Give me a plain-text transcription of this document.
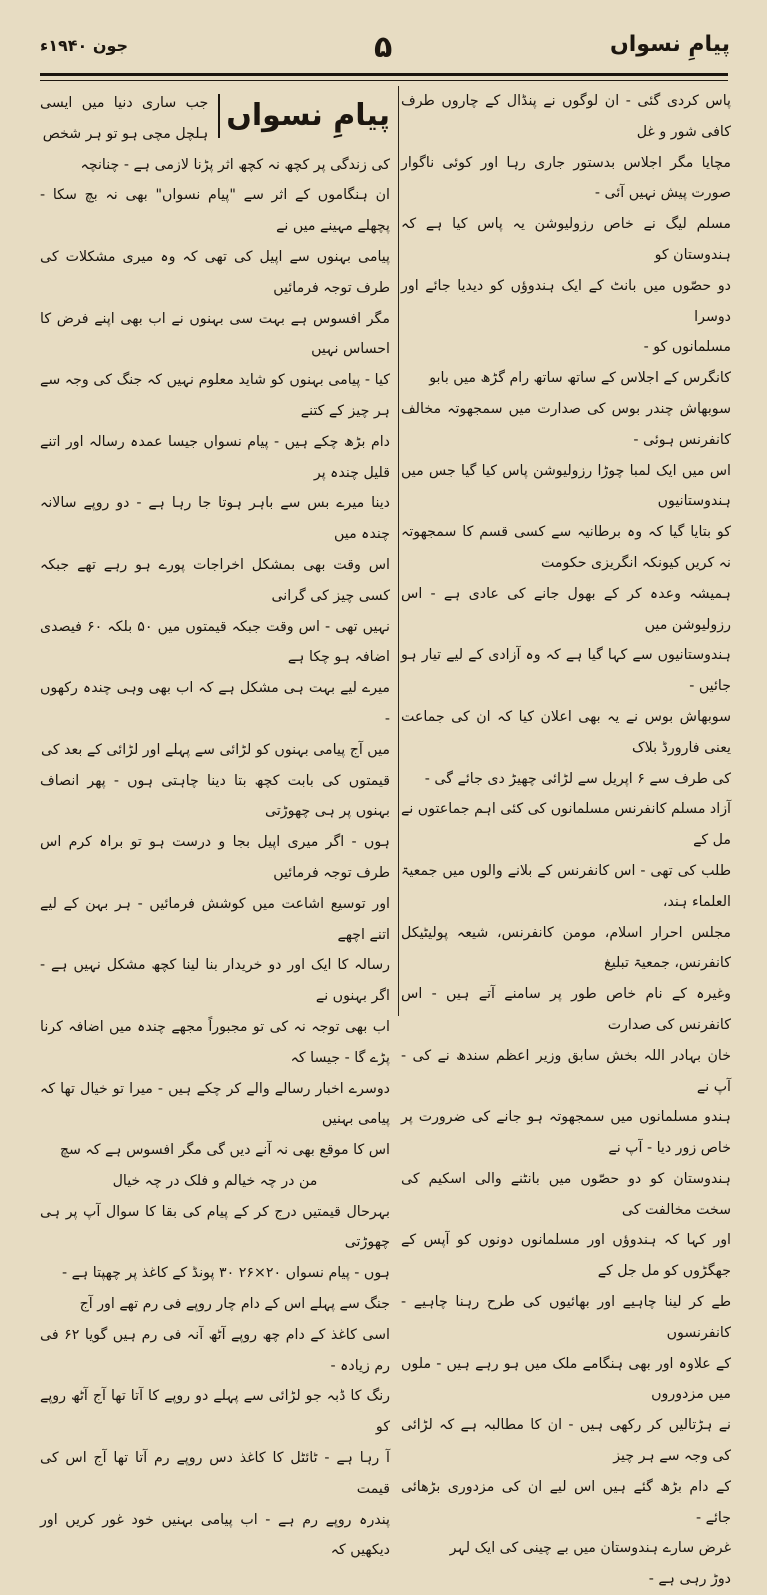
پیامِ نسواں
۵
جون ۱۹۴۰ء

پاس کردی گئی - ان لوگوں نے پنڈال کے چاروں طرف کافی شور و غل

مچایا مگر اجلاس بدستور جاری رہا اور کوئی ناگوار صورت پیش نہیں آئی -

مسلم لیگ نے خاص رزولیوشن یہ پاس کیا ہے کہ ہندوستان کو

دو حصّوں میں بانٹ کے ایک ہندوؤں کو دیدیا جائے اور دوسرا

مسلمانوں کو -

کانگرس کے اجلاس کے ساتھ ساتھ رام گڑھ میں بابو

سوبھاش چندر بوس کی صدارت میں سمجھوتہ مخالف کانفرنس ہوئی -

اس میں ایک لمبا چوڑا رزولیوشن پاس کیا گیا جس میں ہندوستانیوں

کو بتایا گیا کہ وہ برطانیہ سے کسی قسم کا سمجھوتہ نہ کریں کیونکہ انگریزی حکومت

ہمیشہ وعدہ کر کے بھول جانے کی عادی ہے - اس رزولیوشن میں

ہندوستانیوں سے کہا گیا ہے کہ وہ آزادی کے لیے تیار ہو جائیں -

سوبھاش بوس نے یہ بھی اعلان کیا کہ ان کی جماعت یعنی فارورڈ بلاک

کی طرف سے ۶ اپریل سے لڑائی چھیڑ دی جائے گی -

آزاد مسلم کانفرنس مسلمانوں کی کئی اہم جماعتوں نے مل کے

طلب کی تھی - اس کانفرنس کے بلانے والوں میں جمعیۃ العلماء ہند،

مجلس احرار اسلام، مومن کانفرنس، شیعہ پولیٹیکل کانفرنس، جمعیۃ تبلیغ

وغیرہ کے نام خاص طور پر سامنے آتے ہیں - اس کانفرنس کی صدارت

خان بہادر اللہ بخش سابق وزیر اعظم سندھ نے کی - آپ نے

ہندو مسلمانوں میں سمجھوتہ ہو جانے کی ضرورت پر خاص زور دیا - آپ نے

ہندوستان کو دو حصّوں میں بانٹنے والی اسکیم کی سخت مخالفت کی

اور کہا کہ ہندوؤں اور مسلمانوں دونوں کو آپس کے جھگڑوں کو مل جل کے

طے کر لینا چاہیے اور بھائیوں کی طرح رہنا چاہیے - کانفرنسوں

کے علاوہ اور بھی ہنگامے ملک میں ہو رہے ہیں - ملوں میں مزدوروں

نے ہڑتالیں کر رکھی ہیں - ان کا مطالبہ ہے کہ لڑائی کی وجہ سے ہر چیز

کے دام بڑھ گئے ہیں اس لیے ان کی مزدوری بڑھائی جائے -

غرض سارے ہندوستان میں بے چینی کی ایک لہر

دوڑ رہی ہے -

پیامِ نسواں

جب ساری دنیا میں ایسی ہلچل مچی ہو تو ہر شخص

کی زندگی پر کچھ نہ کچھ اثر پڑنا لازمی ہے - چنانچہ

ان ہنگاموں کے اثر سے "پیام نسواں" بھی نہ بچ سکا - پچھلے مہینے میں نے

پیامی بہنوں سے اپیل کی تھی کہ وہ میری مشکلات کی طرف توجہ فرمائیں

مگر افسوس ہے بہت سی بہنوں نے اب بھی اپنے فرض کا احساس نہیں

کیا - پیامی بہنوں کو شاید معلوم نہیں کہ جنگ کی وجہ سے ہر چیز کے کتنے

دام بڑھ چکے ہیں - پیام نسواں جیسا عمدہ رسالہ اور اتنے قلیل چندہ پر

دینا میرے بس سے باہر ہوتا جا رہا ہے - دو روپے سالانہ چندہ میں

اس وقت بھی بمشکل اخراجات پورے ہو رہے تھے جبکہ کسی چیز کی گرانی

نہیں تھی - اس وقت جبکہ قیمتوں میں ۵۰ بلکہ ۶۰ فیصدی اضافہ ہو چکا ہے

میرے لیے بہت ہی مشکل ہے کہ اب بھی وہی چندہ رکھوں -

میں آج پیامی بہنوں کو لڑائی سے پہلے اور لڑائی کے بعد کی

قیمتوں کی بابت کچھ بتا دینا چاہتی ہوں - پھر انصاف بہنوں پر ہی چھوڑتی

ہوں - اگر میری اپیل بجا و درست ہو تو براہ کرم اس طرف توجہ فرمائیں

اور توسیع اشاعت میں کوشش فرمائیں - ہر بہن کے لیے اتنے اچھے

رسالہ کا ایک اور دو خریدار بنا لینا کچھ مشکل نہیں ہے - اگر بہنوں نے

اب بھی توجہ نہ کی تو مجبوراً مجھے چندہ میں اضافہ کرنا پڑے گا - جیسا کہ

دوسرے اخبار رسالے والے کر چکے ہیں - میرا تو خیال تھا کہ پیامی بہنیں

اس کا موقع بھی نہ آنے دیں گی مگر افسوس ہے کہ سچ

من در چہ خیالم و فلک در چہ خیال

بہرحال قیمتیں درج کر کے پیام کی بقا کا سوال آپ پر ہی چھوڑتی

ہوں - پیام نسواں ۲۰×۲۶ ۳۰ پونڈ کے کاغذ پر چھپتا ہے -

جنگ سے پہلے اس کے دام چار روپے فی رم تھے اور آج

اسی کاغذ کے دام چھ روپے آٹھ آنہ فی رم ہیں گویا ۶۲ فی رم زیادہ -

رنگ کا ڈبہ جو لڑائی سے پہلے دو روپے کا آتا تھا آج آٹھ روپے کو

آ رہا ہے - ٹائٹل کا کاغذ دس روپے رم آتا تھا آج اس کی قیمت

پندرہ روپے رم ہے - اب پیامی بہنیں خود غور کریں اور دیکھیں کہ
